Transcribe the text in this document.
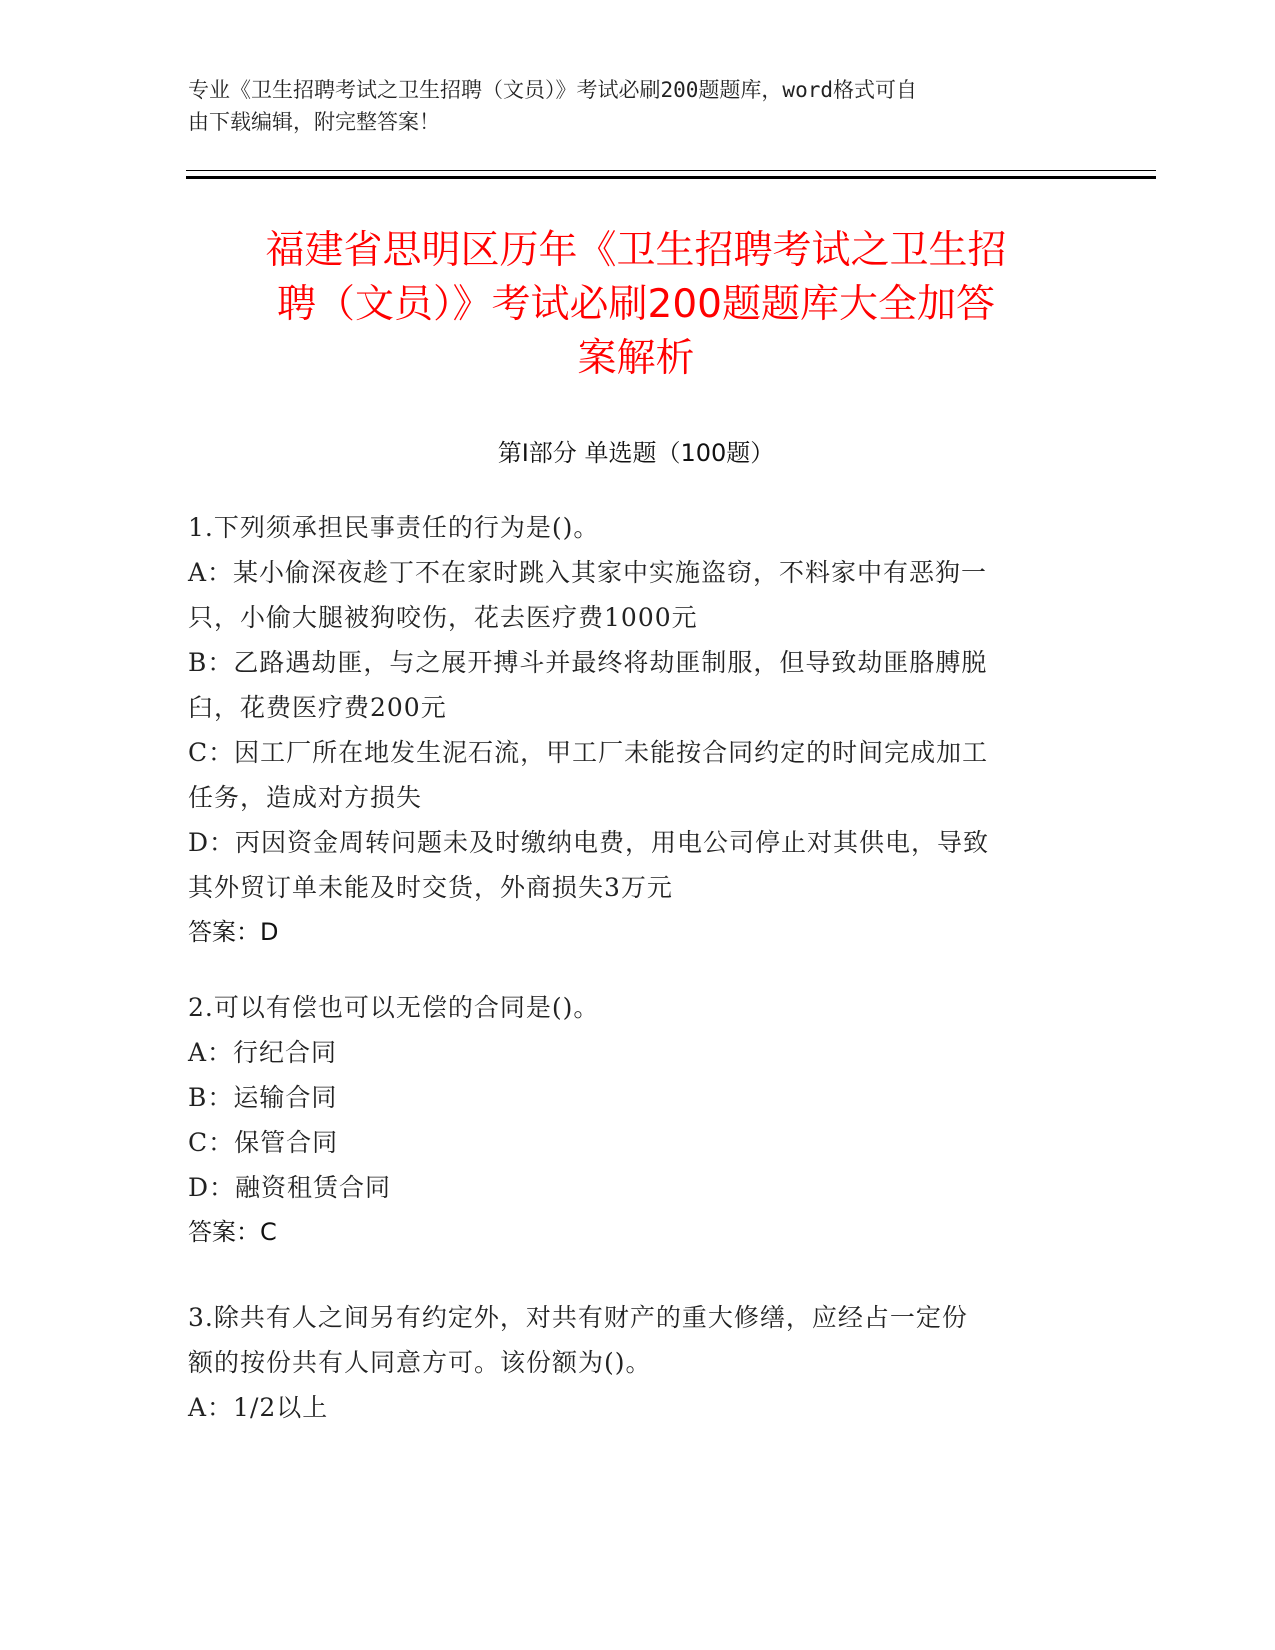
专业《卫生招聘考试之卫生招聘（文员）》考试必刷200题题库，word格式可自
由下载编辑，附完整答案！
福建省思明区历年《卫生招聘考试之卫生招
聘（文员）》考试必刷200题题库大全加答
案解析
第Ⅰ部分 单选题（100题）

1.下列须承担民事责任的行为是()。

A：某小偷深夜趁丁不在家时跳入其家中实施盗窃，不料家中有恶狗一

只，小偷大腿被狗咬伤，花去医疗费1000元

B：乙路遇劫匪，与之展开搏斗并最终将劫匪制服，但导致劫匪胳膊脱

臼，花费医疗费200元

C：因工厂所在地发生泥石流，甲工厂未能按合同约定的时间完成加工

任务，造成对方损失

D：丙因资金周转问题未及时缴纳电费，用电公司停止对其供电，导致

其外贸订单未能及时交货，外商损失3万元

答案：D

2.可以有偿也可以无偿的合同是()。

A：行纪合同

B：运输合同

C：保管合同

D：融资租赁合同

答案：C

3.除共有人之间另有约定外，对共有财产的重大修缮，应经占一定份

额的按份共有人同意方可。该份额为()。

A：1/2以上
